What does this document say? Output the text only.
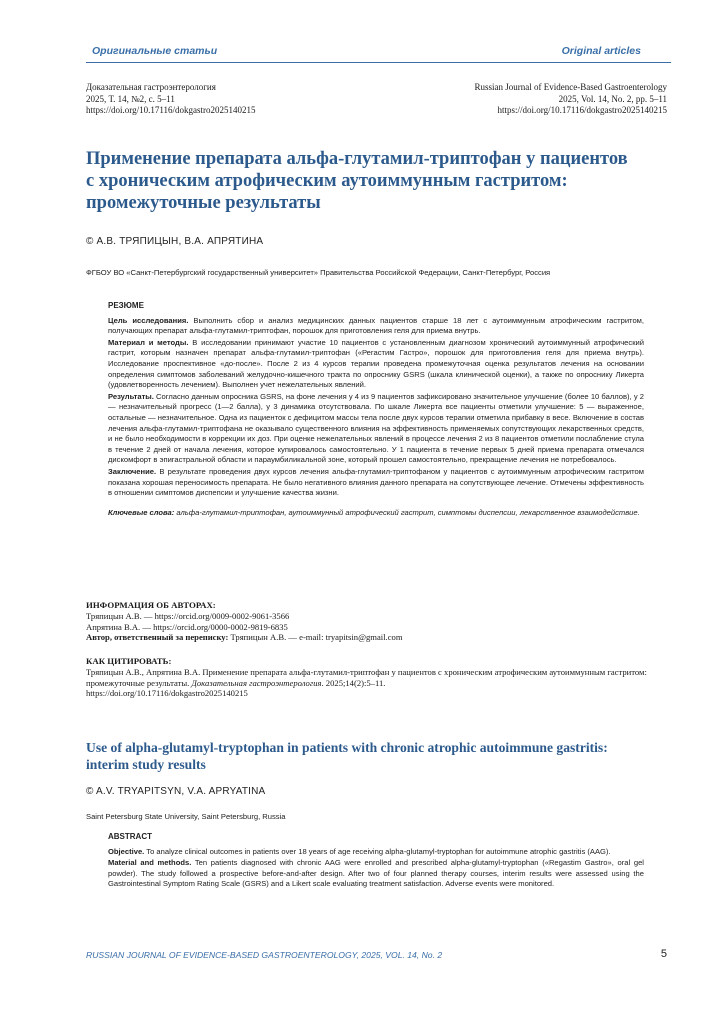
Оригинальные статьи	Original articles
Доказательная гастроэнтерология
2025, Т. 14, №2, с. 5–11
https://doi.org/10.17116/dokgastro2025140215
Russian Journal of Evidence-Based Gastroenterology
2025, Vol. 14, No. 2, pp. 5–11
https://doi.org/10.17116/dokgastro2025140215
Применение препарата альфа-глутамил-триптофан у пациентов
с хроническим атрофическим аутоиммунным гастритом:
промежуточные результаты
© А.В. ТРЯПИЦЫН, В.А. АПРЯТИНА
ФГБОУ ВО «Санкт-Петербургский государственный университет» Правительства Российской Федерации, Санкт-Петербург, Россия
РЕЗЮМЕ

Цель исследования. Выполнить сбор и анализ медицинских данных пациентов старше 18 лет с аутоиммунным атрофическим гастритом, получающих препарат альфа-глутамил-триптофан, порошок для приготовления геля для приема внутрь.

Материал и методы. В исследовании принимают участие 10 пациентов с установленным диагнозом хронический аутоиммунный атрофический гастрит, которым назначен препарат альфа-глутамил-триптофан («Регастим Гастро», порошок для приготовления геля для приема внутрь). Исследование проспективное «до-после». После 2 из 4 курсов терапии проведена промежуточная оценка результатов лечения на основании определения симптомов заболеваний желудочно-кишечного тракта по опроснику GSRS (шкала клинической оценки), а также по опроснику Ликерта (удовлетворенность лечением). Выполнен учет нежелательных явлений.

Результаты. Согласно данным опросника GSRS, на фоне лечения у 4 из 9 пациентов зафиксировано значительное улучшение (более 10 баллов), у 2 — незначительный прогресс (1—2 балла), у 3 динамика отсутствовала. По шкале Ликерта все пациенты отметили улучшение: 5 — выраженное, остальные — незначительное. Одна из пациенток с дефицитом массы тела после двух курсов терапии отметила прибавку в весе. Включение в состав лечения альфа-глутамил-триптофана не оказывало существенного влияния на эффективность применяемых сопутствующих лекарственных средств, и не было необходимости в коррекции их доз. При оценке нежелательных явлений в процессе лечения 2 из 8 пациентов отметили послабление стула в течение 2 дней от начала лечения, которое купировалось самостоятельно. У 1 пациента в течение первых 5 дней приема препарата отмечался дискомфорт в эпигастральной области и параумбиликальной зоне, который прошел самостоятельно, прекращение лечения не потребовалось.

Заключение. В результате проведения двух курсов лечения альфа-глутамил-триптофаном у пациентов с аутоиммунным атрофическим гастритом показана хорошая переносимость препарата. Не было негативного влияния данного препарата на сопутствующее лечение. Отмечены эффективность в отношении симптомов диспепсии и улучшение качества жизни.

Ключевые слова: альфа-глутамил-триптофан, аутоиммунный атрофический гастрит, симптомы диспепсии, лекарственное взаимодействие.

ИНФОРМАЦИЯ ОБ АВТОРАХ:
Тряпицын А.В. — https://orcid.org/0009-0002-9061-3566
Апрятина В.А. — https://orcid.org/0000-0002-9819-6835
Автор, ответственный за переписку: Тряпицын А.В. — e-mail: tryapitsin@gmail.com
КАК ЦИТИРОВАТЬ:
Тряпицын А.В., Апрятина В.А. Применение препарата альфа-глутамил-триптофан у пациентов с хроническим атрофическим аутоиммунным гастритом: промежуточные результаты. Доказательная гастроэнтерология. 2025;14(2):5–11.
https://doi.org/10.17116/dokgastro2025140215
Use of alpha-glutamyl-tryptophan in patients with chronic atrophic autoimmune gastritis:
interim study results
© A.V. TRYAPITSYN, V.A. APRYATINA
Saint Petersburg State University, Saint Petersburg, Russia
ABSTRACT

Objective. To analyze clinical outcomes in patients over 18 years of age receiving alpha-glutamyl-tryptophan for autoimmune atrophic gastritis (AAG).

Material and methods. Ten patients diagnosed with chronic AAG were enrolled and prescribed alpha-glutamyl-tryptophan («Regastim Gastro», oral gel powder). The study followed a prospective before-and-after design. After two of four planned therapy courses, interim results were assessed using the Gastrointestinal Symptom Rating Scale (GSRS) and a Likert scale evaluating treatment satisfaction. Adverse events were monitored.

RUSSIAN JOURNAL OF EVIDENCE-BASED GASTROENTEROLOGY, 2025, VOL. 14, No. 2	5
